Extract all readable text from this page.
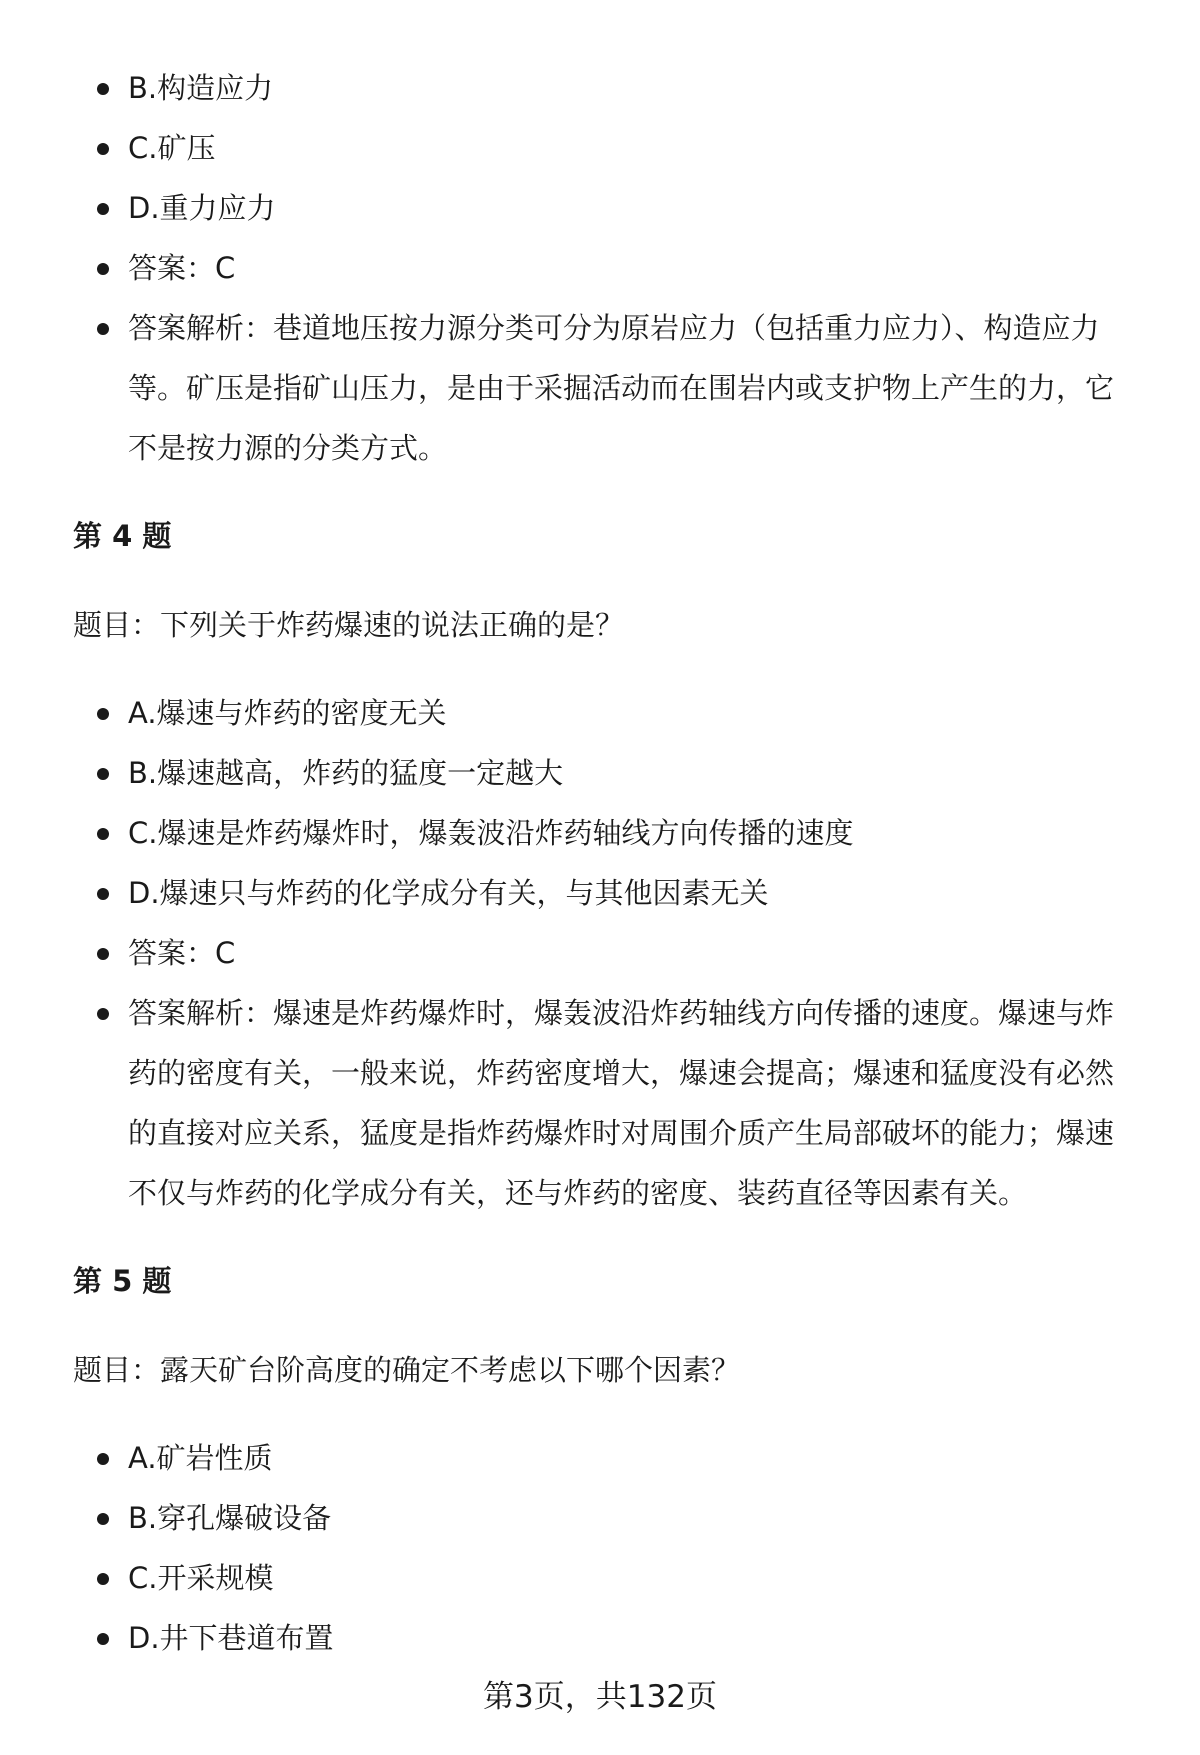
B.构造应力
C.矿压
D.重力应力
答案：C
答案解析：巷道地压按力源分类可分为原岩应力（包括重力应力）、构造应力等。矿压是指矿山压力，是由于采掘活动而在围岩内或支护物上产生的力，它不是按力源的分类方式。
第 4 题

题目：下列关于炸药爆速的说法正确的是？

A.爆速与炸药的密度无关
B.爆速越高，炸药的猛度一定越大
C.爆速是炸药爆炸时，爆轰波沿炸药轴线方向传播的速度
D.爆速只与炸药的化学成分有关，与其他因素无关
答案：C
答案解析：爆速是炸药爆炸时，爆轰波沿炸药轴线方向传播的速度。爆速与炸药的密度有关，一般来说，炸药密度增大，爆速会提高；爆速和猛度没有必然的直接对应关系，猛度是指炸药爆炸时对周围介质产生局部破坏的能力；爆速不仅与炸药的化学成分有关，还与炸药的密度、装药直径等因素有关。
第 5 题

题目：露天矿台阶高度的确定不考虑以下哪个因素？

A.矿岩性质
B.穿孔爆破设备
C.开采规模
D.井下巷道布置
第3页，共132页
